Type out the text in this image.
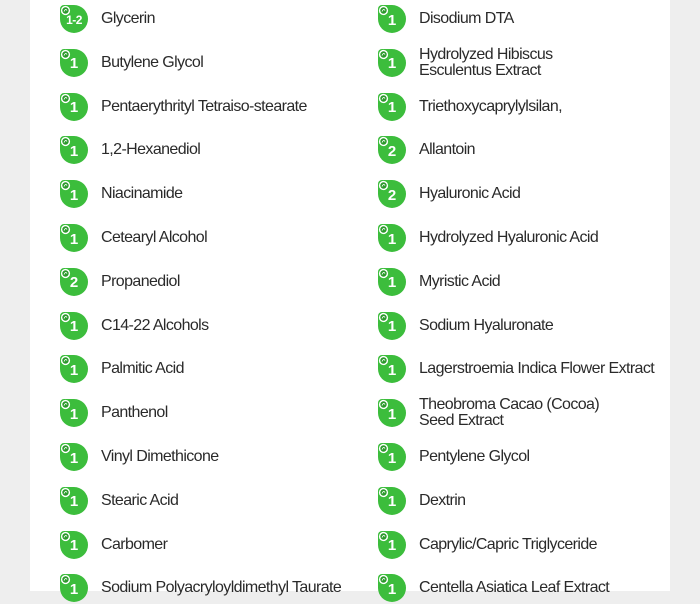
1-2	Glycerin
1	Butylene Glycol
1	Pentaerythrityl Tetraiso-stearate
1	1,2-Hexanediol
1	Niacinamide
1	Cetearyl Alcohol
2	Propanediol
1	C14-22 Alcohols
1	Palmitic Acid
1	Panthenol
1	Vinyl Dimethicone
1	Stearic Acid
1	Carbomer
1	Sodium Polyacryloyldimethyl Taurate
1	Disodium DTA
1
Hydrolyzed Hibiscus
Esculentus Extract
1	Triethoxycaprylylsilan,
2	Allantoin
2	Hyaluronic Acid
1	Hydrolyzed Hyaluronic Acid
1	Myristic Acid
1	Sodium Hyaluronate
1	Lagerstroemia Indica Flower Extract
1
Theobroma Cacao (Cocoa)
Seed Extract
1	Pentylene Glycol
1	Dextrin
1	Caprylic/Capric Triglyceride
1	Centella Asiatica Leaf Extract
